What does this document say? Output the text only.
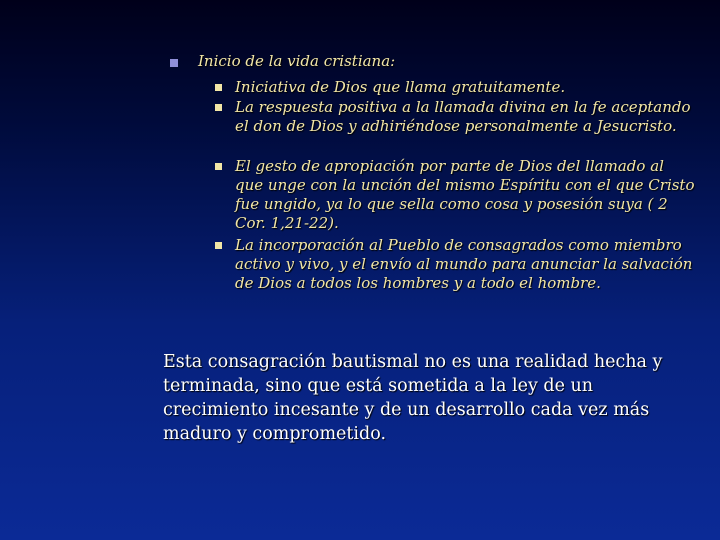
Inicio de la vida cristiana:
Iniciativa de Dios que llama gratuitamente.
La respuesta positiva a la llamada divina en la fe aceptando el don de Dios y adhiriéndose personalmente a Jesucristo.
El gesto de apropiación por parte de Dios del llamado al que unge con la unción del mismo Espíritu con el que Cristo fue ungido, ya lo que sella como cosa y posesión suya ( 2 Cor. 1,21-22).
La incorporación al Pueblo de consagrados como miembro activo y vivo, y el envío al mundo para anunciar la salvación de Dios a todos los hombres y a todo el hombre.

Esta consagración bautismal no es una realidad hecha y terminada, sino que está sometida a la ley de un crecimiento incesante y de un desarrollo cada vez más maduro y comprometido.
